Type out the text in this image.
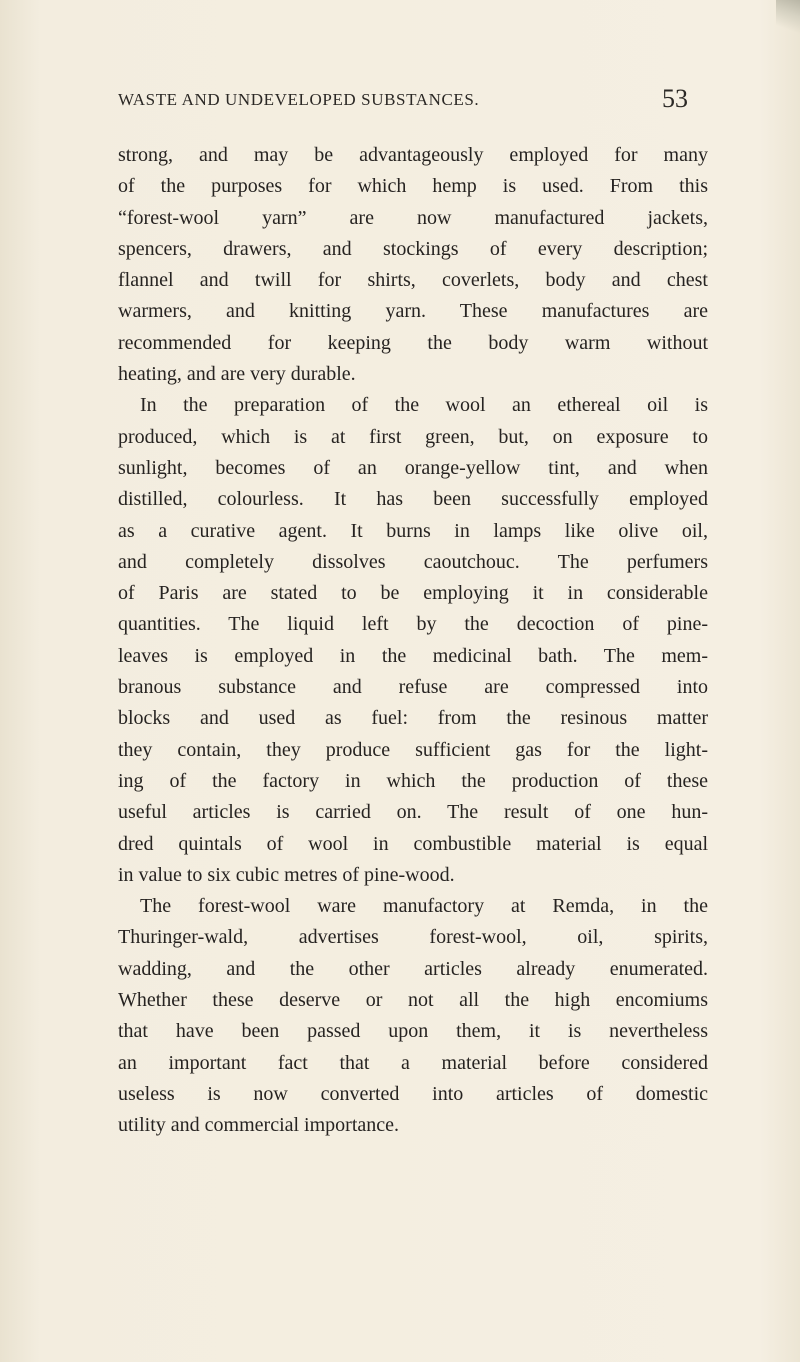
WASTE AND UNDEVELOPED SUBSTANCES.	53
strong, and may be advantageously employed for many
of the purposes for which hemp is used. From this
“forest-wool yarn” are now manufactured jackets,
spencers, drawers, and stockings of every description;
flannel and twill for shirts, coverlets, body and chest
warmers, and knitting yarn. These manufactures are
recommended for keeping the body warm without
heating, and are very durable.
In the preparation of the wool an ethereal oil is
produced, which is at first green, but, on exposure to
sunlight, becomes of an orange-yellow tint, and when
distilled, colourless. It has been successfully employed
as a curative agent. It burns in lamps like olive oil,
and completely dissolves caoutchouc. The perfumers
of Paris are stated to be employing it in considerable
quantities. The liquid left by the decoction of pine-
leaves is employed in the medicinal bath. The mem-
branous substance and refuse are compressed into
blocks and used as fuel: from the resinous matter
they contain, they produce sufficient gas for the light-
ing of the factory in which the production of these
useful articles is carried on. The result of one hun-
dred quintals of wool in combustible material is equal
in value to six cubic metres of pine-wood.
The forest-wool ware manufactory at Remda, in the
Thuringer-wald, advertises forest-wool, oil, spirits,
wadding, and the other articles already enumerated.
Whether these deserve or not all the high encomiums
that have been passed upon them, it is nevertheless
an important fact that a material before considered
useless is now converted into articles of domestic
utility and commercial importance.
